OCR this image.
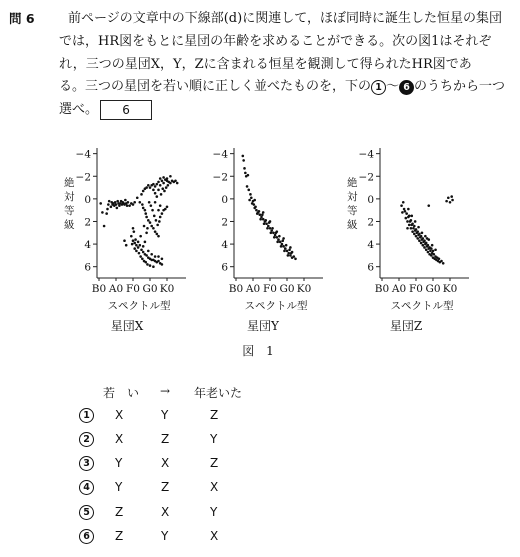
問 6	前ページの文章中の下線部(d)に関連して，ほぼ同時に誕生した恒星の集団

では，HR図をもとに星団の年齢を求めることができる。次の図1はそれぞ

れ，三つの星団X，Y，Zに含まれる恒星を観測して得られたHR図であ

る。三つの星団を若い順に正しく並べたものを，下の 1 〜 6 のうちから一つ

選べ。 6

−4
−2
0
2
4
6
B0 A0 F0 G0 K0
絶対等級
スペクトル型
星団X
−4
−2
0
2
4
6
B0 A0 F0 G0 K0
スペクトル型
星団Y
−4
−2
0
2
4
6
B0 A0 F0 G0 K0
絶対等級
スペクトル型
星団Z
図 1
若　い → 年老いた
1	X	Y	Z
2	X	Z	Y
3	Y	X	Z
4	Y	Z	X
5	Z	X	Y
6	Z	Y	X
